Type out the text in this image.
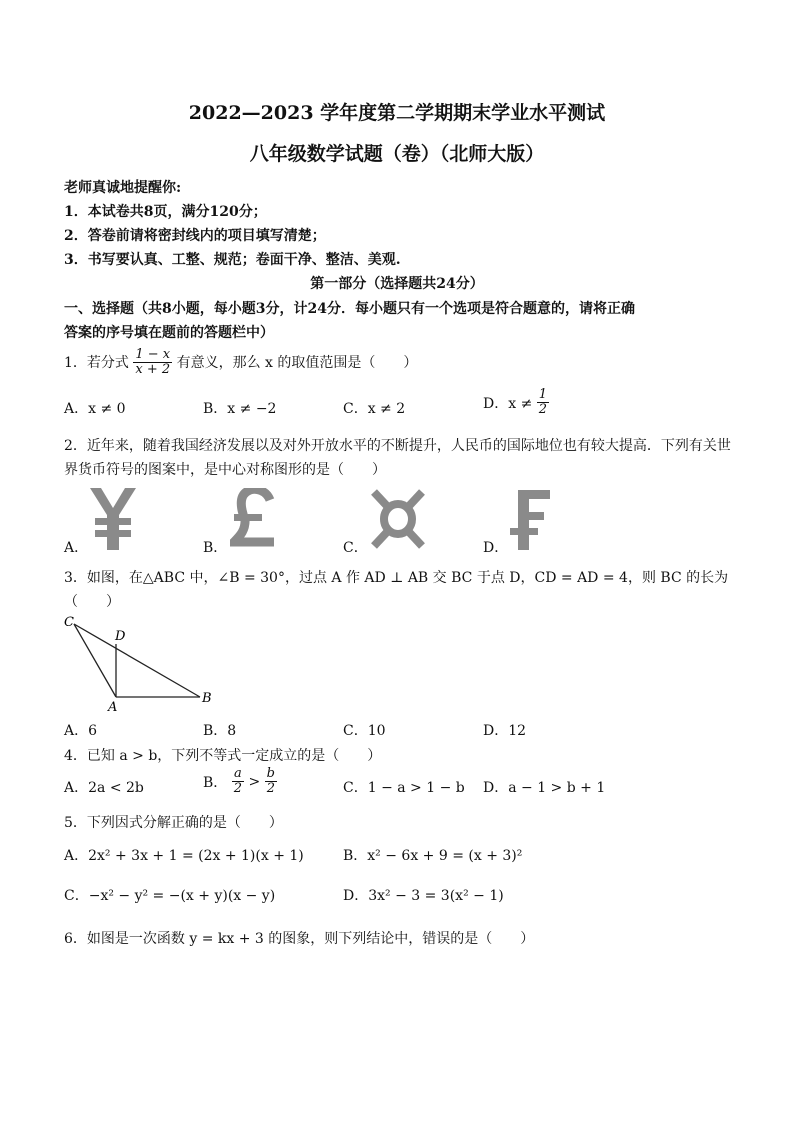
2022—2023 学年度第二学期期末学业水平测试
八年级数学试题（卷）（北师大版）
老师真诚地提醒你:
1．本试卷共8页，满分120分；
2．答卷前请将密封线内的项目填写清楚；
3．书写要认真、工整、规范；卷面干净、整洁、美观.
第一部分（选择题共24分）
一、选择题（共8小题，每小题3分，计24分．每小题只有一个选项是符合题意的，请将正确
答案的序号填在题前的答题栏中）
1．若分式 $\frac{1 - x}{x + 2}$ 有意义，那么 x 的取值范围是（　　）
A．x ≠ 0	B．x ≠ −2	C．x ≠ 2	D．$x \ne \frac{1}{2}$
2．近年来，随着我国经济发展以及对外开放水平的不断提升，人民币的国际地位也有较大提高．下列有关世
界货币符号的图案中，是中心对称图形的是（　　）
A．	B．	C．	D．
3．如图，在△ABC 中，∠B = 30°，过点 A 作 AD ⊥ AB 交 BC 于点 D，CD = AD = 4，则 BC 的长为
（　　）
C
D
A
B
A．6	B．8	C．10	D．12
4．已知 a > b，下列不等式一定成立的是（　　）
A．2a < 2b	B． $\frac{a}{2} > \frac{b}{2}$	C．1 − a > 1 − b D．a − 1 > b + 1
5．下列因式分解正确的是（　　）
A．2x² + 3x + 1 = (2x + 1)(x + 1)	B．x² − 6x + 9 = (x + 3)²
C．−x² − y² = −(x + y)(x − y)	D．3x² − 3 = 3(x² − 1)
6．如图是一次函数 y = kx + 3 的图象，则下列结论中，错误的是（　　）
